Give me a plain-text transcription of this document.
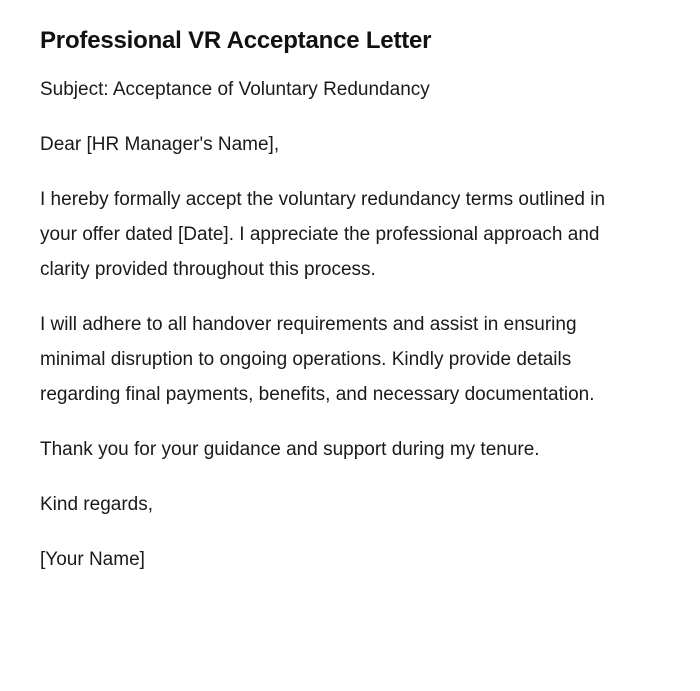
Professional VR Acceptance Letter

Subject: Acceptance of Voluntary Redundancy

Dear [HR Manager's Name],

I hereby formally accept the voluntary redundancy terms outlined in your offer dated [Date]. I appreciate the professional approach and clarity provided throughout this process.

I will adhere to all handover requirements and assist in ensuring minimal disruption to ongoing operations. Kindly provide details regarding final payments, benefits, and necessary documentation.

Thank you for your guidance and support during my tenure.

Kind regards,

[Your Name]
